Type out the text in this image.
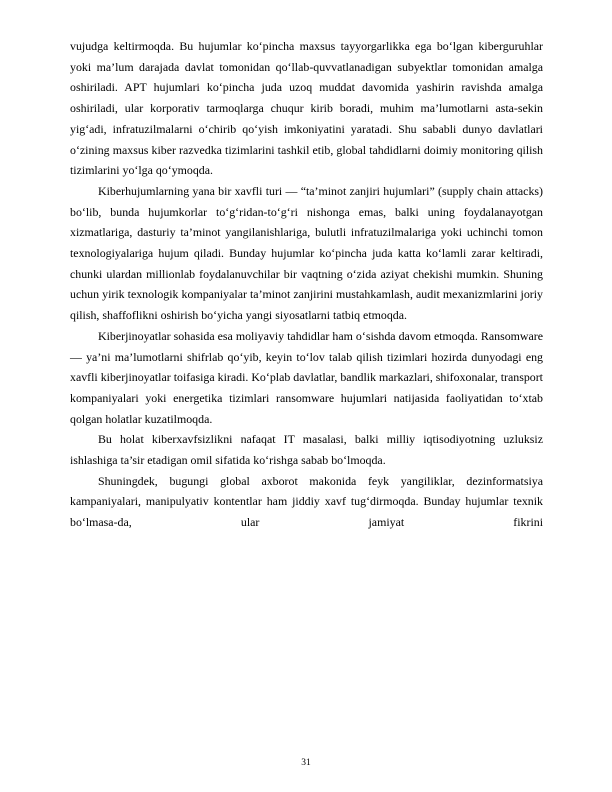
vujudga keltirmoqda. Bu hujumlar ko‘pincha maxsus tayyorgarlikka ega bo‘lgan kiberguruhlar yoki ma’lum darajada davlat tomonidan qo‘llab-quvvatlanadigan subyektlar tomonidan amalga oshiriladi. APT hujumlari ko‘pincha juda uzoq muddat davomida yashirin ravishda amalga oshiriladi, ular korporativ tarmoqlarga chuqur kirib boradi, muhim ma’lumotlarni asta-sekin yig‘adi, infratuzilmalarni o‘chirib qo‘yish imkoniyatini yaratadi. Shu sababli dunyo davlatlari o‘zining maxsus kiber razvedka tizimlarini tashkil etib, global tahdidlarni doimiy monitoring qilish tizimlarini yo‘lga qo‘ymoqda.

Kiberhujumlarning yana bir xavfli turi — “ta’minot zanjiri hujumlari” (supply chain attacks) bo‘lib, bunda hujumkorlar to‘g‘ridan-to‘g‘ri nishonga emas, balki uning foydalanayotgan xizmatlariga, dasturiy ta’minot yangilanishlariga, bulutli infratuzilmalariga yoki uchinchi tomon texnologiyalariga hujum qiladi. Bunday hujumlar ko‘pincha juda katta ko‘lamli zarar keltiradi, chunki ulardan millionlab foydalanuvchilar bir vaqtning o‘zida aziyat chekishi mumkin. Shuning uchun yirik texnologik kompaniyalar ta’minot zanjirini mustahkamlash, audit mexanizmlarini joriy qilish, shaffoflikni oshirish bo‘yicha yangi siyosatlarni tatbiq etmoqda.

Kiberjinoyatlar sohasida esa moliyaviy tahdidlar ham o‘sishda davom etmoqda. Ransomware — ya’ni ma’lumotlarni shifrlab qo‘yib, keyin to‘lov talab qilish tizimlari hozirda dunyodagi eng xavfli kiberjinoyatlar toifasiga kiradi. Ko‘plab davlatlar, bandlik markazlari, shifoxonalar, transport kompaniyalari yoki energetika tizimlari ransomware hujumlari natijasida faoliyatidan to‘xtab qolgan holatlar kuzatilmoqda.

Bu holat kiberxavfsizlikni nafaqat IT masalasi, balki milliy iqtisodiyotning uzluksiz ishlashiga ta’sir etadigan omil sifatida ko‘rishga sabab bo‘lmoqda.

Shuningdek, bugungi global axborot makonida feyk yangiliklar, dezinformatsiya kampaniyalari, manipulyativ kontentlar ham jiddiy xavf tug‘dirmoqda. Bunday hujumlar texnik bo‘lmasa-da, ular jamiyat fikrini

31
